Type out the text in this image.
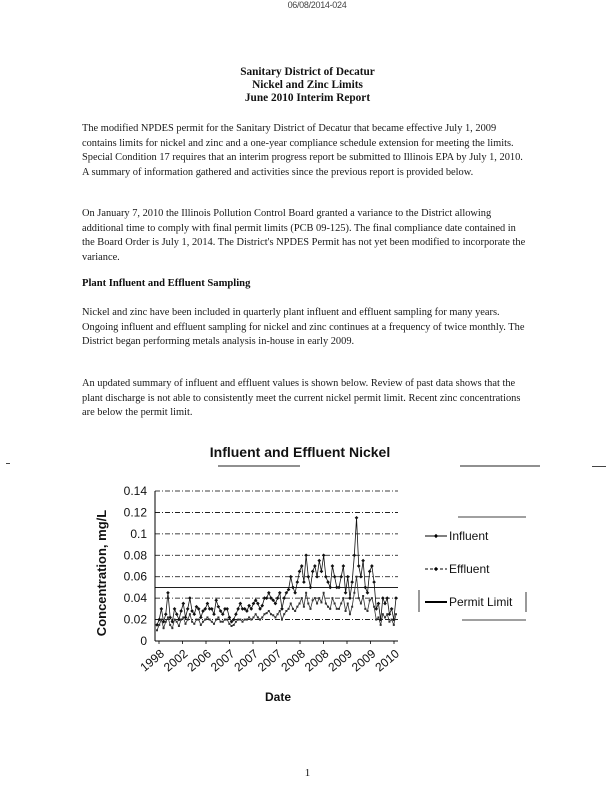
06/08/2014-024
Sanitary District of Decatur
Nickel and Zinc Limits
June 2010 Interim Report
The modified NPDES permit for the Sanitary District of Decatur that became effective July 1, 2009 contains limits for nickel and zinc and a one-year compliance schedule extension for meeting the limits. Special Condition 17 requires that an interim progress report be submitted to Illinois EPA by July 1, 2010. A summary of information gathered and activities since the previous report is provided below.
On January 7, 2010 the Illinois Pollution Control Board granted a variance to the District allowing additional time to comply with final permit limits (PCB 09-125). The final compliance date contained in the Board Order is July 1, 2014. The District's NPDES Permit has not yet been modified to incorporate the variance.
Plant Influent and Effluent Sampling
Nickel and zinc have been included in quarterly plant influent and effluent sampling for many years. Ongoing influent and effluent sampling for nickel and zinc continues at a frequency of twice monthly. The District began performing metals analysis in-house in early 2009.
An updated summary of influent and effluent values is shown below. Review of past data shows that the plant discharge is not able to consistently meet the current nickel permit limit. Recent zinc concentrations are below the permit limit.
0
0.02
0.04
0.06
0.08
0.1
0.12
0.14
1998
2002
2006
2007
2007
2007
2008
2008
2009
2009
2010
Influent and Effluent Nickel
Concentration, mg/L
Date
Influent
Effluent
Permit Limit
1
